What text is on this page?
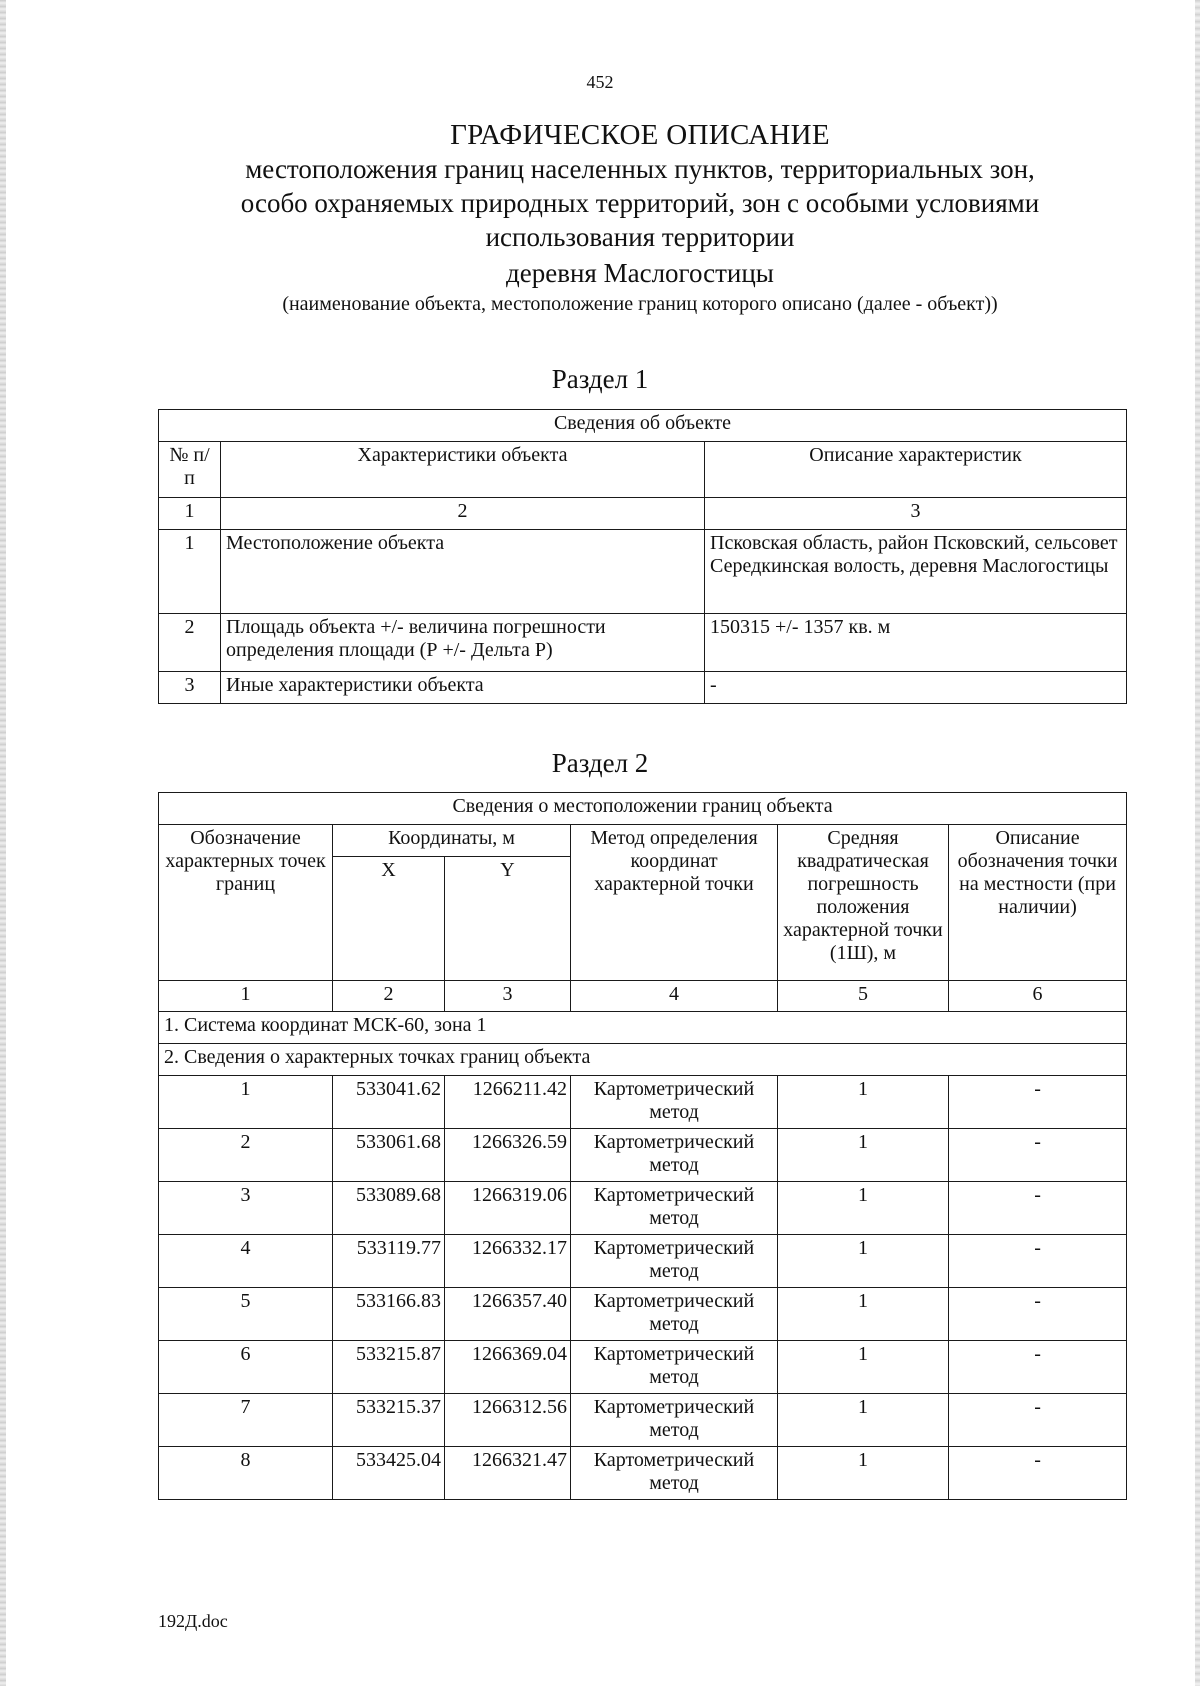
452
ГРАФИЧЕСКОЕ ОПИСАНИЕ
местоположения границ населенных пунктов, территориальных зон,
особо охраняемых природных территорий, зон с особыми условиями
использования территории
деревня Маслогостицы
(наименование объекта, местоположение границ которого описано (далее - объект))
Раздел 1
Сведения об объекте		
№ п/п	Характеристики объекта	Описание характеристик
1	2	3
1	Местоположение объекта	Псковская область, район Псковский, сельсовет Середкинская волость, деревня Маслогостицы
2	Площадь объекта +/- величина погрешности определения площади (Р +/- Дельта Р)	150315 +/- 1357 кв. м
3	Иные характеристики объекта	-
Раздел 2
Сведения о местоположении границ объекта					
Обозначение характерных точек границ	Координаты, м		Метод определения координат характерной точки	Средняя квадратическая погрешность положения характерной точки (1Ш), м	Описание обозначения точки на местности (при наличии)
	X	Y			
1	2	3	4	5	6
1. Система координат МСК-60, зона 1					
2. Сведения о характерных точках границ объекта					
1	533041.62	1266211.42	Картометрический метод	1	-
2	533061.68	1266326.59	Картометрический метод	1	-
3	533089.68	1266319.06	Картометрический метод	1	-
4	533119.77	1266332.17	Картометрический метод	1	-
5	533166.83	1266357.40	Картометрический метод	1	-
6	533215.87	1266369.04	Картометрический метод	1	-
7	533215.37	1266312.56	Картометрический метод	1	-
8	533425.04	1266321.47	Картометрический метод	1	-
192Д.doc
